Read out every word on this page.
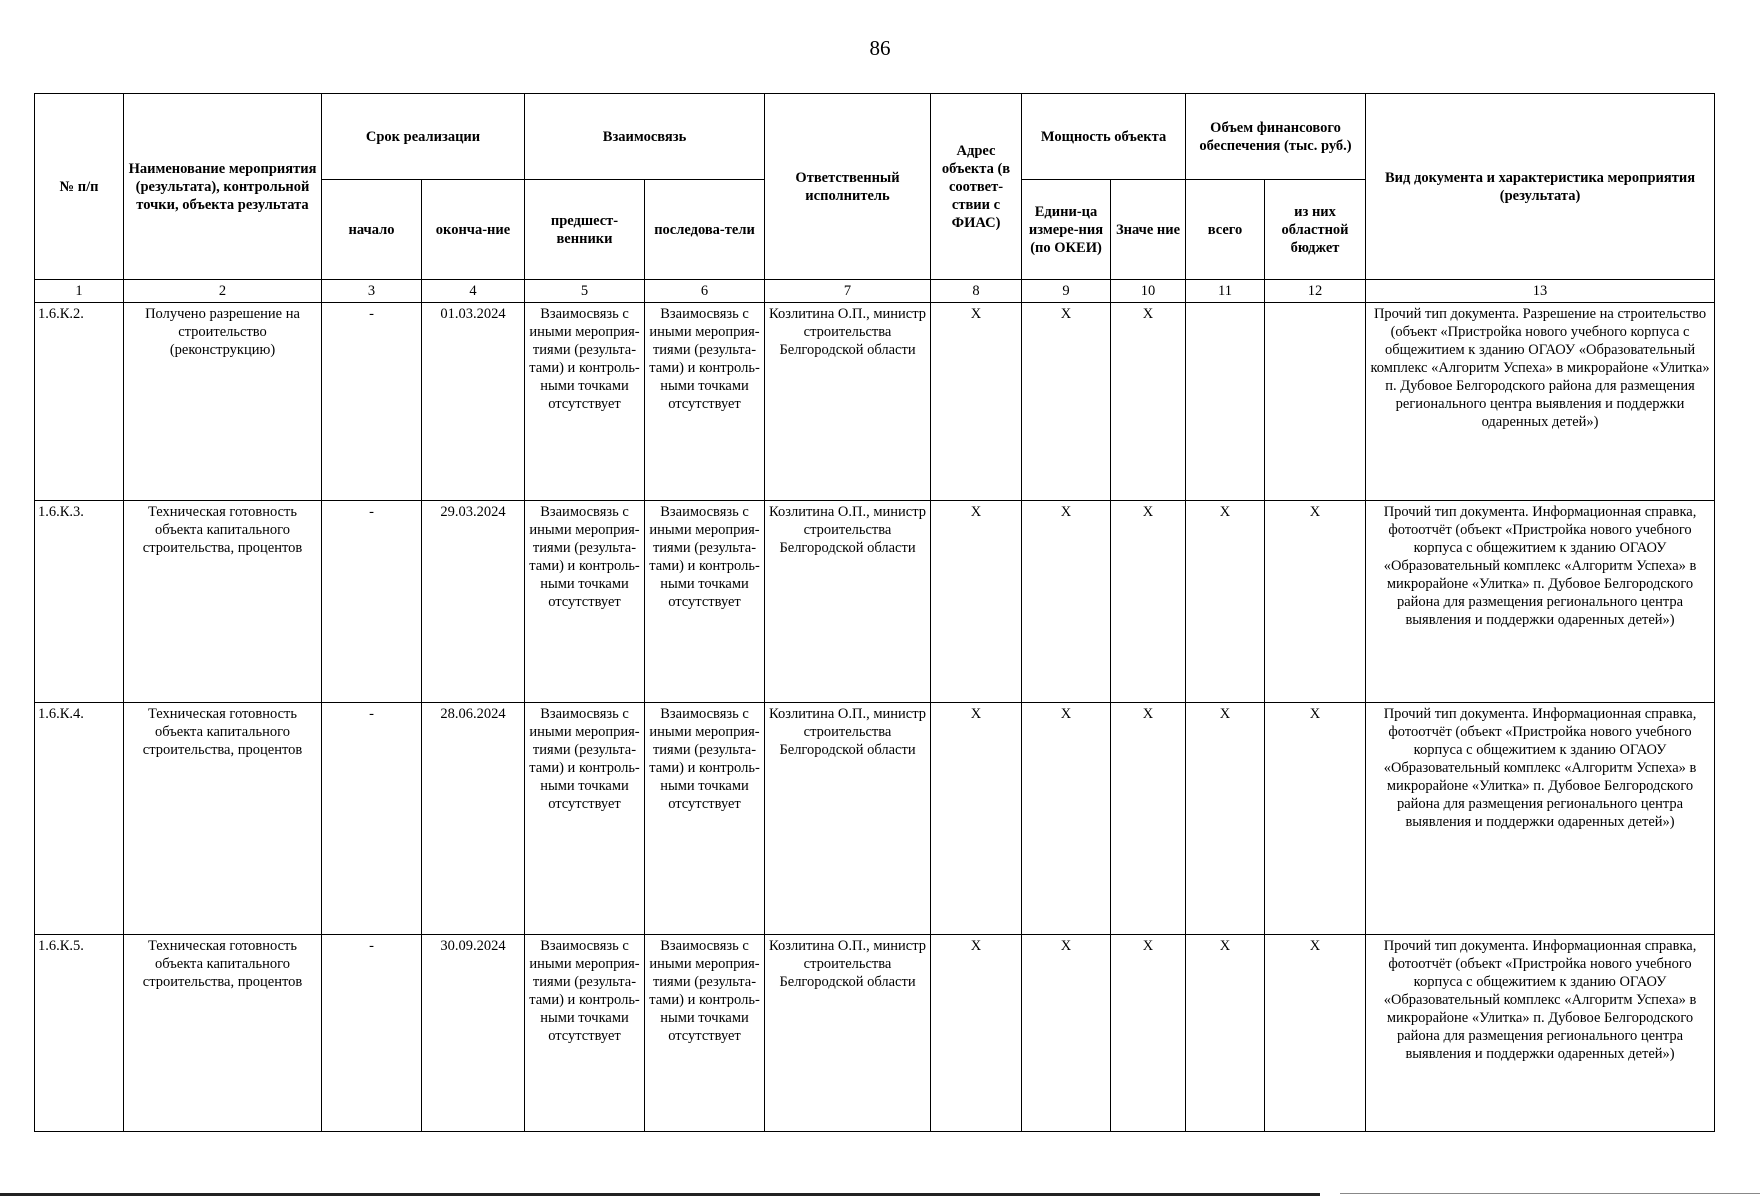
86
№ п/п	Наименование мероприятия (результата), контрольной точки, объекта результата	Срок реализации		Взаимосвязь		Ответственный исполнитель	Адрес объекта (в соответ-ствии с ФИАС)	Мощность объекта		Объем финансового обеспечения (тыс. руб.)		Вид документа и характеристика мероприятия (результата)
		начало	оконча-ние	предшест-венники	последова-тели			Едини-ца измере-ния (по ОКЕИ)	Значе ние	всего	из них областной бюджет	
1	2	3	4	5	6	7	8	9	10	11	12	13
1.6.К.2.	Получено разрешение на строительство (реконструкцию)	-	01.03.2024	Взаимосвязь с иными мероприя-тиями (результа-тами) и контроль-ными точками отсутствует	Взаимосвязь с иными мероприя-тиями (результа-тами) и контроль-ными точками отсутствует	Козлитина О.П., министр строительства Белгородской области	Х	Х	Х			Прочий тип документа. Разрешение на строительство (объект «Пристройка нового учебного корпуса с общежитием к зданию ОГАОУ «Образовательный комплекс «Алгоритм Успеха» в микрорайоне «Улитка» п. Дубовое Белгородского района для размещения регионального центра выявления и поддержки одаренных детей»)
1.6.К.3.	Техническая готовность объекта капитального строительства, процентов	-	29.03.2024	Взаимосвязь с иными мероприя-тиями (результа-тами) и контроль-ными точками отсутствует	Взаимосвязь с иными мероприя-тиями (результа-тами) и контроль-ными точками отсутствует	Козлитина О.П., министр строительства Белгородской области	Х	Х	Х	Х	Х	Прочий тип документа. Информационная справка, фотоотчёт (объект «Пристройка нового учебного корпуса с общежитием к зданию ОГАОУ «Образовательный комплекс «Алгоритм Успеха» в микрорайоне «Улитка» п. Дубовое Белгородского района для размещения регионального центра выявления и поддержки одаренных детей»)
1.6.К.4.	Техническая готовность объекта капитального строительства, процентов	-	28.06.2024	Взаимосвязь с иными мероприя-тиями (результа-тами) и контроль-ными точками отсутствует	Взаимосвязь с иными мероприя-тиями (результа-тами) и контроль-ными точками отсутствует	Козлитина О.П., министр строительства Белгородской области	Х	Х	Х	Х	Х	Прочий тип документа. Информационная справка, фотоотчёт (объект «Пристройка нового учебного корпуса с общежитием к зданию ОГАОУ «Образовательный комплекс «Алгоритм Успеха» в микрорайоне «Улитка» п. Дубовое Белгородского района для размещения регионального центра выявления и поддержки одаренных детей»)
1.6.К.5.	Техническая готовность объекта капитального строительства, процентов	-	30.09.2024	Взаимосвязь с иными мероприя-тиями (результа-тами) и контроль-ными точками отсутствует	Взаимосвязь с иными мероприя-тиями (результа-тами) и контроль-ными точками отсутствует	Козлитина О.П., министр строительства Белгородской области	Х	Х	Х	Х	Х	Прочий тип документа. Информационная справка, фотоотчёт (объект «Пристройка нового учебного корпуса с общежитием к зданию ОГАОУ «Образовательный комплекс «Алгоритм Успеха» в микрорайоне «Улитка» п. Дубовое Белгородского района для размещения регионального центра выявления и поддержки одаренных детей»)
